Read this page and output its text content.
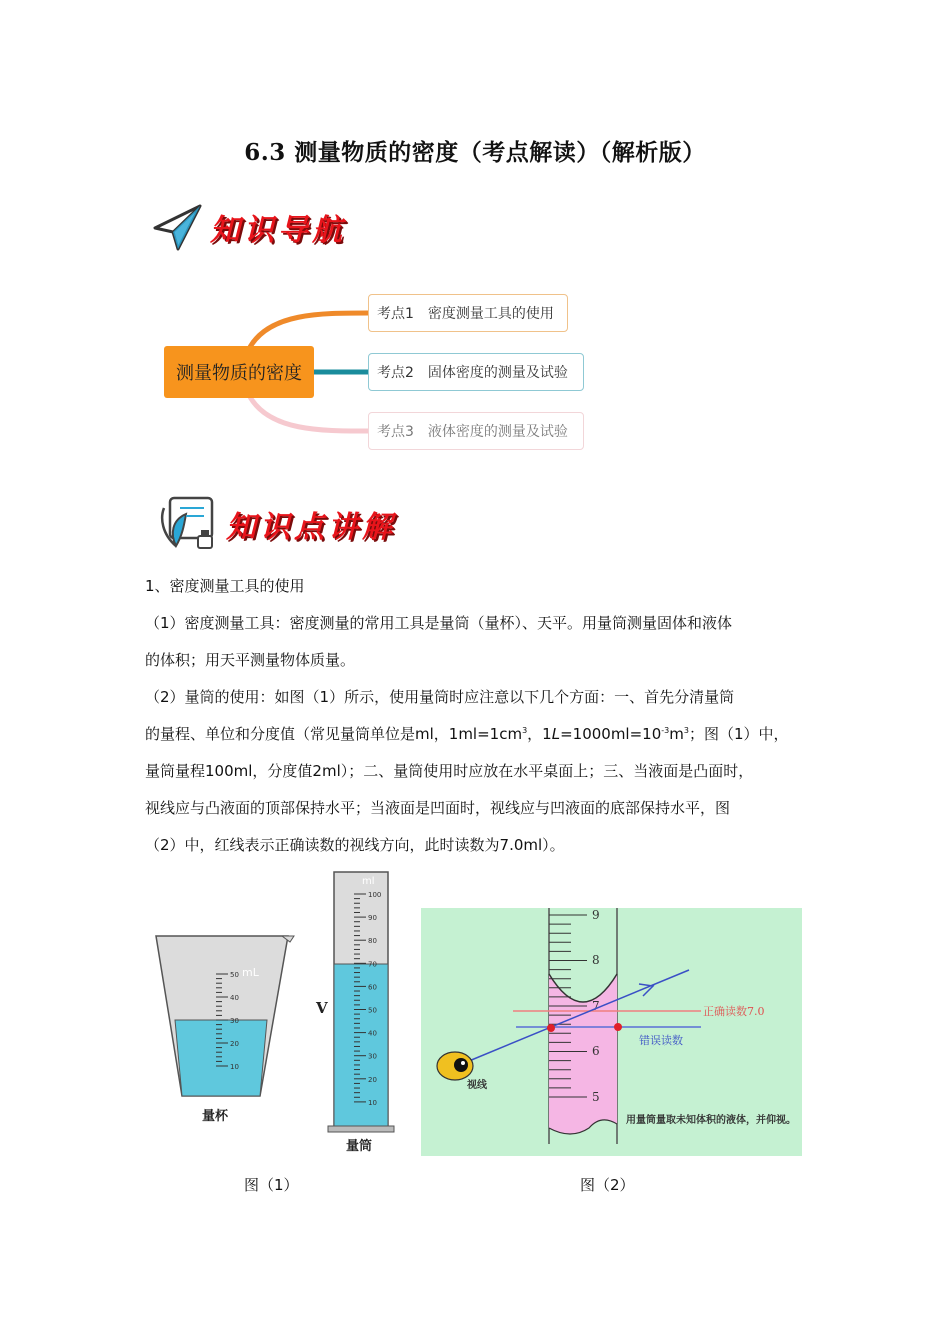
6.3 测量物质的密度（考点解读）（解析版）
知识导航
测量物质的密度
考点1 密度测量工具的使用
考点2 固体密度的测量及试验
考点3 液体密度的测量及试验
知识点讲解

1、密度测量工具的使用

（1）密度测量工具：密度测量的常用工具是量筒（量杯）、天平。用量筒测量固体和液体

的体积；用天平测量物体质量。

（2）量筒的使用：如图（1）所示，使用量筒时应注意以下几个方面：一、首先分清量筒

的量程、单位和分度值（常见量筒单位是ml，$1ml=1cm^3$，$1L=1000ml=10^{-3}m^3$；图（1）中，

量筒量程100ml，分度值2ml）；二、量筒使用时应放在水平桌面上；三、当液面是凸面时，

视线应与凸液面的顶部保持水平；当液面是凹面时，视线应与凹液面的底部保持水平，图

（2）中，红线表示正确读数的视线方向，此时读数为7.0ml）。

50
40
30
20
10
mL
量杯
V
100
90
80
70
60
50
40
30
20
10
ml
量筒
9
8
7
6
5
正确读数7.0
错误读数
视线
用量筒量取未知体积的液体，并仰视。
图（1）	图（2）
